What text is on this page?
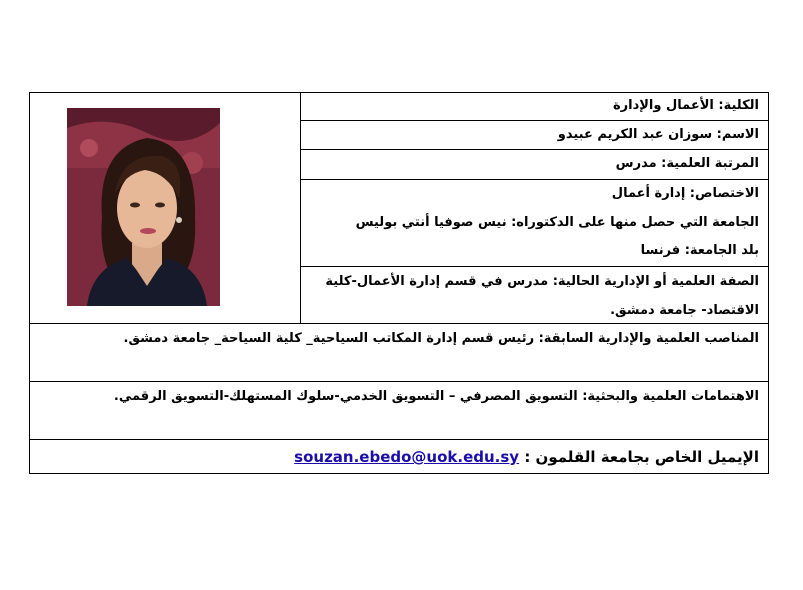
الكلية: الأعمال والإدارة
الاسم: سوزان عبد الكريم عبيدو
المرتبة العلمية: مدرس
الاختصاص: إدارة أعمال
الجامعة التي حصل منها على الدكتوراه: نيس صوفيا أنتي بوليس
بلد الجامعة: فرنسا
الصفة العلمية أو الإدارية الحالية: مدرس في قسم إدارة الأعمال-كلية
الاقتصاد- جامعة دمشق.
المناصب العلمية والإدارية السابقة: رئيس قسم إدارة المكاتب السياحية_ كلية السياحة_ جامعة دمشق.
الاهتمامات العلمية والبحثية: التسويق المصرفي – التسويق الخدمي-سلوك المستهلك-التسويق الرقمي.
الإيميل الخاص بجامعة القلمون : souzan.ebedo@uok.edu.sy
